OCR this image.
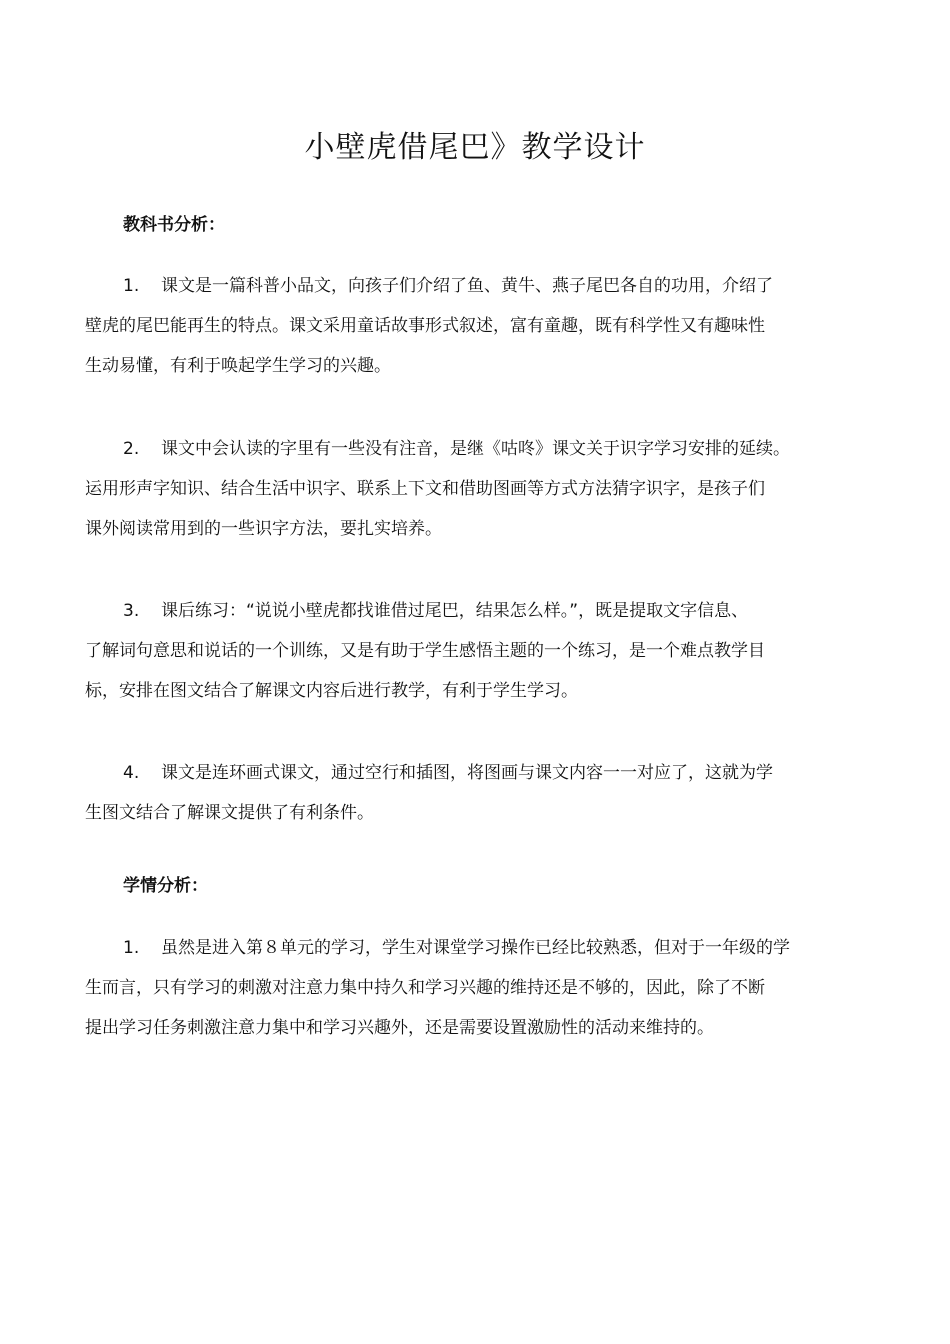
小壁虎借尾巴》教学设计
教科书分析：
1. 课文是一篇科普小品文，向孩子们介绍了鱼、黄牛、燕子尾巴各自的功用，介绍了
壁虎的尾巴能再生的特点。课文采用童话故事形式叙述，富有童趣，既有科学性又有趣味性
生动易懂，有利于唤起学生学习的兴趣。
2. 课文中会认读的字里有一些没有注音，是继《咕咚》课文关于识字学习安排的延续。
运用形声字知识、结合生活中识字、联系上下文和借助图画等方式方法猜字识字，是孩子们
课外阅读常用到的一些识字方法，要扎实培养。
3. 课后练习：“说说小壁虎都找谁借过尾巴，结果怎么样。”，既是提取文字信息、
了解词句意思和说话的一个训练，又是有助于学生感悟主题的一个练习，是一个难点教学目
标，安排在图文结合了解课文内容后进行教学，有利于学生学习。
4. 课文是连环画式课文，通过空行和插图，将图画与课文内容一一对应了，这就为学
生图文结合了解课文提供了有利条件。
学情分析：
1. 虽然是进入第８单元的学习，学生对课堂学习操作已经比较熟悉，但对于一年级的学
生而言，只有学习的刺激对注意力集中持久和学习兴趣的维持还是不够的，因此，除了不断
提出学习任务刺激注意力集中和学习兴趣外，还是需要设置激励性的活动来维持的。
